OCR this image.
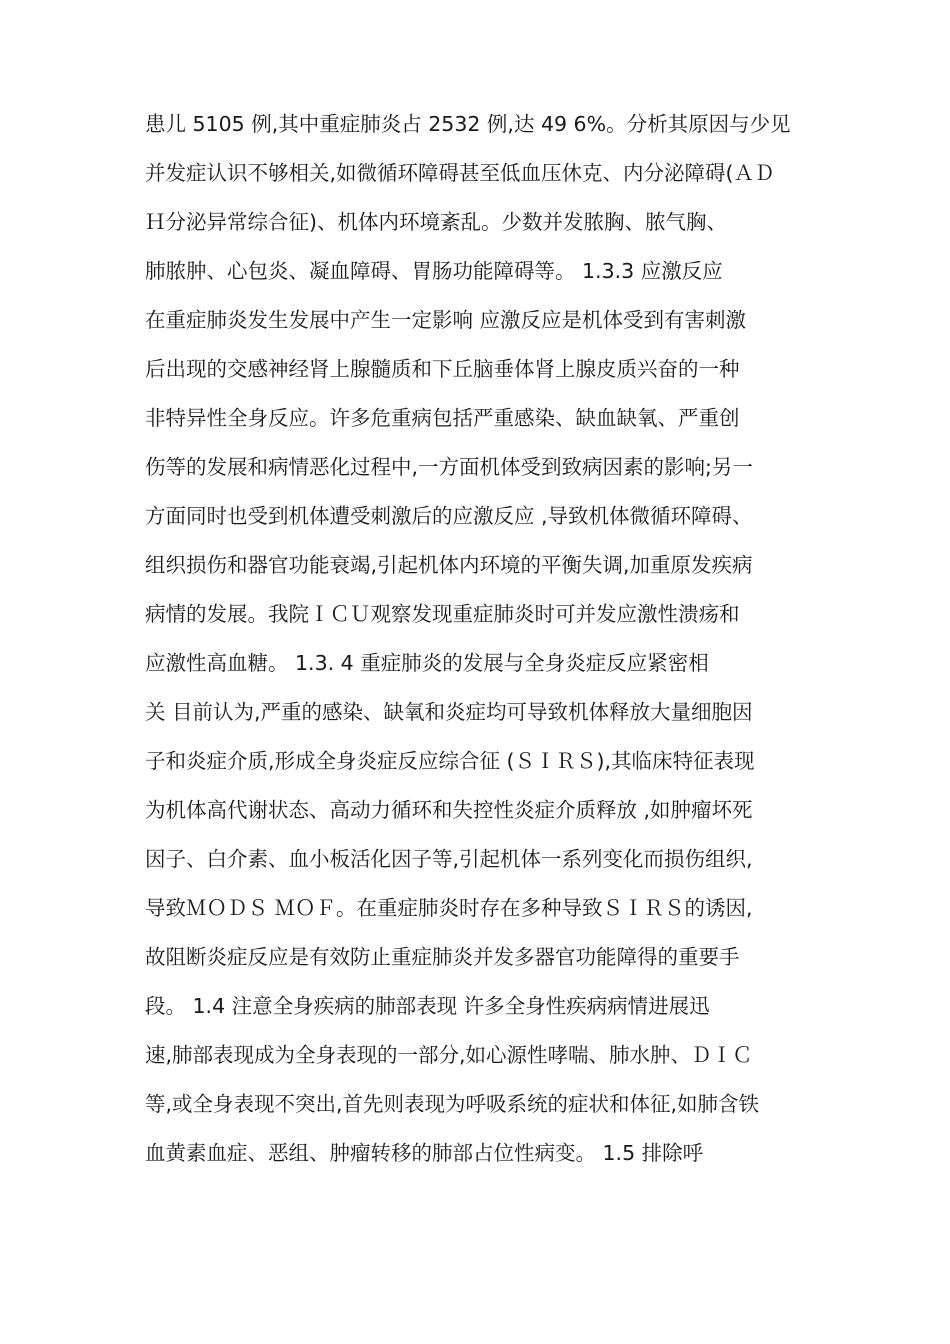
患儿 5105 例,其中重症肺炎占 2532 例,达 49 6%。分析其原因与少见
并发症认识不够相关,如微循环障碍甚至低血压休克、内分泌障碍(ＡＤ
Ｈ分泌异常综合征)、机体内环境紊乱。少数并发脓胸、脓气胸、
肺脓肿、心包炎、凝血障碍、胃肠功能障碍等。 1.3.3 应激反应
在重症肺炎发生发展中产生一定影响 应激反应是机体受到有害刺激
后出现的交感神经肾上腺髓质和下丘脑垂体肾上腺皮质兴奋的一种
非特异性全身反应。许多危重病包括严重感染、缺血缺氧、严重创
伤等的发展和病情恶化过程中,一方面机体受到致病因素的影响;另一
方面同时也受到机体遭受刺激后的应激反应 ,导致机体微循环障碍、
组织损伤和器官功能衰竭,引起机体内环境的平衡失调,加重原发疾病
病情的发展。我院ＩＣＵ观察发现重症肺炎时可并发应激性溃疡和
应激性高血糖。 1.3. 4 重症肺炎的发展与全身炎症反应紧密相
关 目前认为,严重的感染、缺氧和炎症均可导致机体释放大量细胞因
子和炎症介质,形成全身炎症反应综合征 (ＳＩＲＳ),其临床特征表现
为机体高代谢状态、高动力循环和失控性炎症介质释放 ,如肿瘤坏死
因子、白介素、血小板活化因子等,引起机体一系列变化而损伤组织,
导致ＭＯＤＳ ＭＯＦ。在重症肺炎时存在多种导致ＳＩＲＳ的诱因,
故阻断炎症反应是有效防止重症肺炎并发多器官功能障得的重要手
段。 1.4 注意全身疾病的肺部表现 许多全身性疾病病情进展迅
速,肺部表现成为全身表现的一部分,如心源性哮喘、肺水肿、ＤＩＣ
等,或全身表现不突出,首先则表现为呼吸系统的症状和体征,如肺含铁
血黄素血症、恶组、肿瘤转移的肺部占位性病变。 1.5 排除呼
